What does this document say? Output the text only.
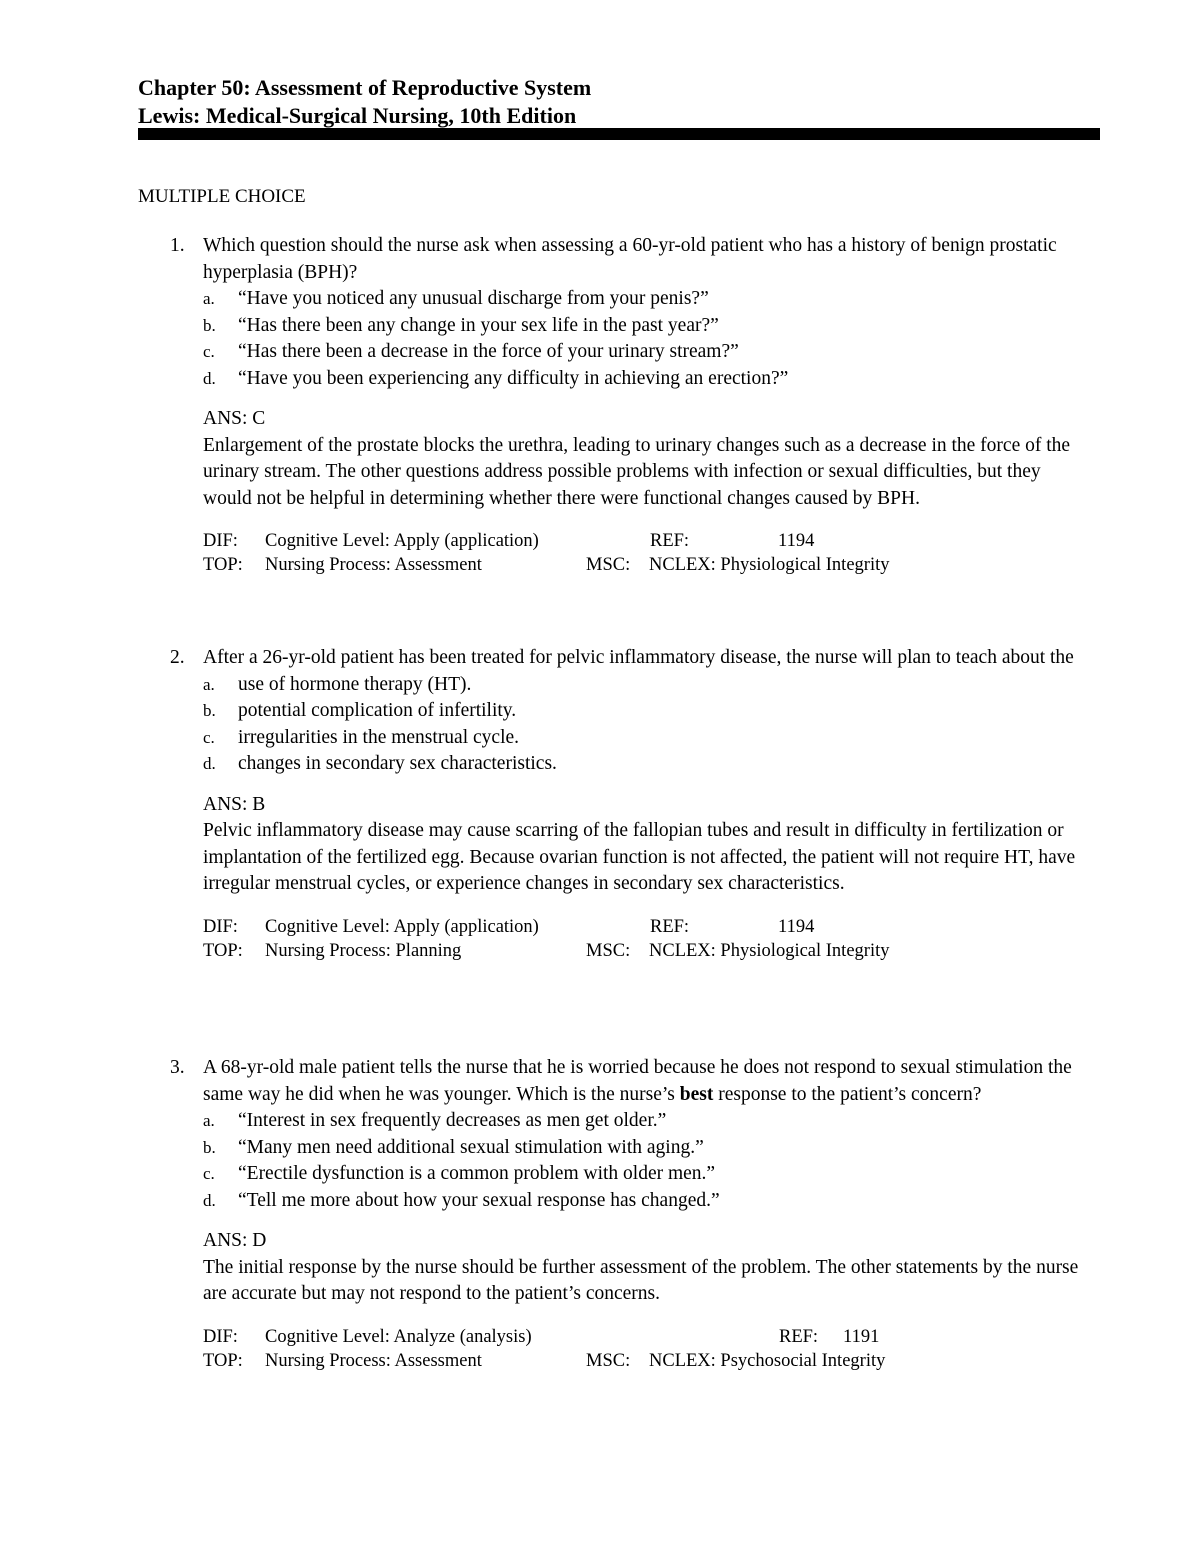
Chapter 50: Assessment of Reproductive System
Lewis: Medical-Surgical Nursing, 10th Edition
MULTIPLE CHOICE
1. Which question should the nurse ask when assessing a 60-yr-old patient who has a history of benign prostatic hyperplasia (BPH)?
a. “Have you noticed any unusual discharge from your penis?”
b. “Has there been any change in your sex life in the past year?”
c. “Has there been a decrease in the force of your urinary stream?”
d. “Have you been experiencing any difficulty in achieving an erection?”
ANS: C
Enlargement of the prostate blocks the urethra, leading to urinary changes such as a decrease in the force of the urinary stream. The other questions address possible problems with infection or sexual difficulties, but they would not be helpful in determining whether there were functional changes caused by BPH.
DIF: Cognitive Level: Apply (application)	REF:	1194
TOP: Nursing Process: Assessment	MSC: NCLEX: Physiological Integrity
2. After a 26-yr-old patient has been treated for pelvic inflammatory disease, the nurse will plan to teach about the
a. use of hormone therapy (HT).
b. potential complication of infertility.
c. irregularities in the menstrual cycle.
d. changes in secondary sex characteristics.
ANS: B
Pelvic inflammatory disease may cause scarring of the fallopian tubes and result in difficulty in fertilization or implantation of the fertilized egg. Because ovarian function is not affected, the patient will not require HT, have irregular menstrual cycles, or experience changes in secondary sex characteristics.
DIF: Cognitive Level: Apply (application)	REF:	1194
TOP: Nursing Process: Planning	MSC: NCLEX: Physiological Integrity
3. A 68-yr-old male patient tells the nurse that he is worried because he does not respond to sexual stimulation the same way he did when he was younger. Which is the nurse’s best response to the patient’s concern?
a. “Interest in sex frequently decreases as men get older.”
b. “Many men need additional sexual stimulation with aging.”
c. “Erectile dysfunction is a common problem with older men.”
d. “Tell me more about how your sexual response has changed.”
ANS: D
The initial response by the nurse should be further assessment of the problem. The other statements by the nurse are accurate but may not respond to the patient’s concerns.
DIF: Cognitive Level: Analyze (analysis)	REF: 1191
TOP: Nursing Process: Assessment	MSC: NCLEX: Psychosocial Integrity
